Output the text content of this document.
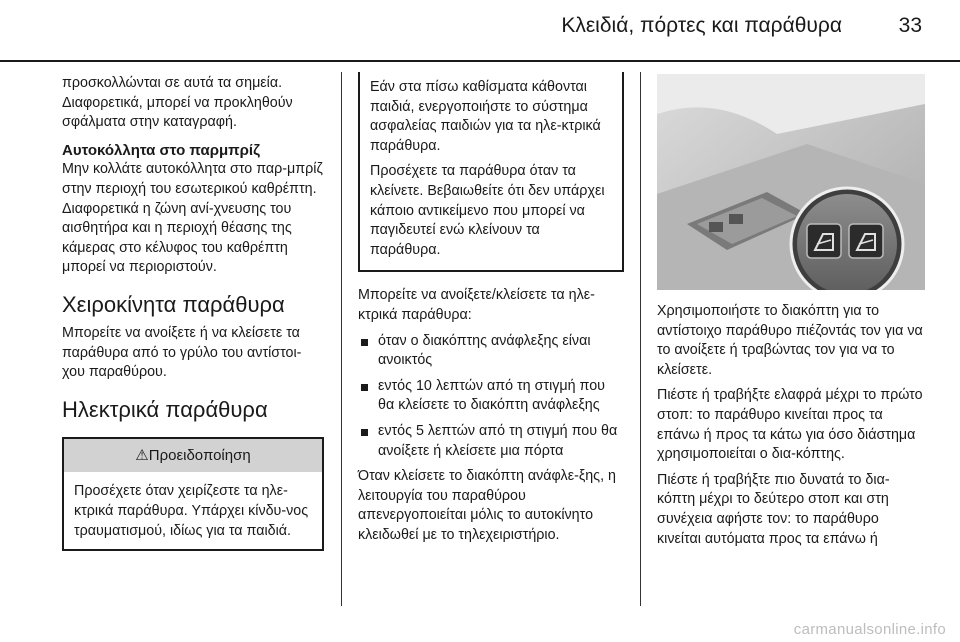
Κλειδιά, πόρτες και παράθυρα	33

προσκολλώνται σε αυτά τα σημεία. Διαφορετικά, μπορεί να προκληθούν σφάλματα στην καταγραφή.

Αυτοκόλλητα στο παρμπρίζ

Μην κολλάτε αυτοκόλλητα στο παρ‐μπρίζ στην περιοχή του εσωτερικού καθρέπτη. Διαφορετικά η ζώνη ανί‐χνευσης του αισθητήρα και η περιοχή θέασης της κάμερας στο κέλυφος του καθρέπτη μπορεί να περιοριστούν.

Χειροκίνητα παράθυρα

Μπορείτε να ανοίξετε ή να κλείσετε τα παράθυρα από το γρύλο του αντίστοι‐χου παραθύρου.

Ηλεκτρικά παράθυρα
⚠Προειδοποίηση
Προσέχετε όταν χειρίζεστε τα ηλε‐κτρικά παράθυρα. Υπάρχει κίνδυ‐νος τραυματισμού, ιδίως για τα παιδιά.

Εάν στα πίσω καθίσματα κάθονται παιδιά, ενεργοποιήστε το σύστημα ασφαλείας παιδιών για τα ηλε‐κτρικά παράθυρα.

Προσέχετε τα παράθυρα όταν τα κλείνετε. Βεβαιωθείτε ότι δεν υπάρχει κάποιο αντικείμενο που μπορεί να παγιδευτεί ενώ κλείνουν τα παράθυρα.

Μπορείτε να ανοίξετε/κλείσετε τα ηλε‐κτρικά παράθυρα:

όταν ο διακόπτης ανάφλεξης είναι ανοικτός
εντός 10 λεπτών από τη στιγμή που θα κλείσετε το διακόπτη ανάφλεξης
εντός 5 λεπτών από τη στιγμή που θα ανοίξετε ή κλείσετε μια πόρτα

Όταν κλείσετε το διακόπτη ανάφλε‐ξης, η λειτουργία του παραθύρου απενεργοποιείται μόλις το αυτοκίνητο κλειδωθεί με το τηλεχειριστήριο.

Χρησιμοποιήστε το διακόπτη για το αντίστοιχο παράθυρο πιέζοντάς τον για να το ανοίξετε ή τραβώντας τον για να το κλείσετε.

Πιέστε ή τραβήξτε ελαφρά μέχρι το πρώτο στοπ: το παράθυρο κινείται προς τα επάνω ή προς τα κάτω για όσο διάστημα χρησιμοποιείται ο δια‐κόπτης.

Πιέστε ή τραβήξτε πιο δυνατά το δια‐κόπτη μέχρι το δεύτερο στοπ και στη συνέχεια αφήστε τον: το παράθυρο κινείται αυτόματα προς τα επάνω ή

carmanualsonline.info
